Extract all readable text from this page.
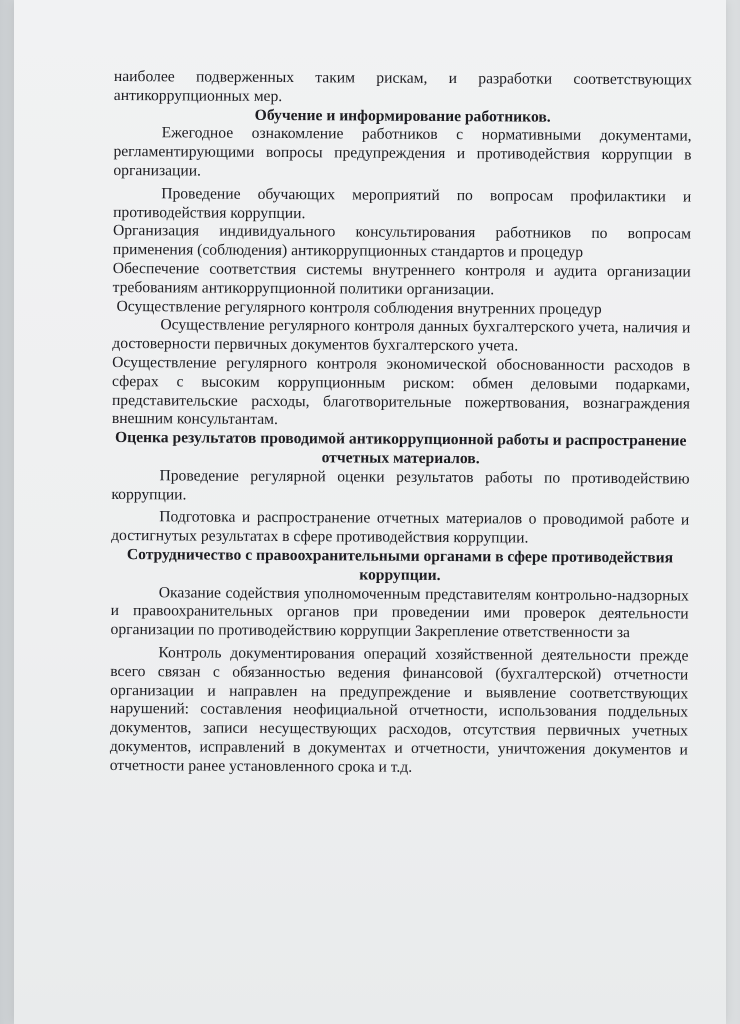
наиболее подверженных таким рискам, и разработки соответствующих антикоррупционных мер.

Обучение и информирование работников.

Ежегодное ознакомление работников с нормативными документами, регламентирующими вопросы предупреждения и противодействия коррупции в организации.

Проведение обучающих мероприятий по вопросам профилактики и противодействия коррупции.

Организация индивидуального консультирования работников по вопросам применения (соблюдения) антикоррупционных стандартов и процедур

Обеспечение соответствия системы внутреннего контроля и аудита организации требованиям антикоррупционной политики организации.

Осуществление регулярного контроля соблюдения внутренних процедур

Осуществление регулярного контроля данных бухгалтерского учета, наличия и достоверности первичных документов бухгалтерского учета.

Осуществление регулярного контроля экономической обоснованности расходов в сферах с высоким коррупционным риском: обмен деловыми подарками, представительские расходы, благотворительные пожертвования, вознаграждения внешним консультантам.

Оценка результатов проводимой антикоррупционной работы и распространение отчетных материалов.

Проведение регулярной оценки результатов работы по противодействию коррупции.

Подготовка и распространение отчетных материалов о проводимой работе и достигнутых результатах в сфере противодействия коррупции.

Сотрудничество с правоохранительными органами в сфере противодействия коррупции.

Оказание содействия уполномоченным представителям контрольно-надзорных и правоохранительных органов при проведении ими проверок деятельности организации по противодействию коррупции Закрепление ответственности за

Контроль документирования операций хозяйственной деятельности прежде всего связан с обязанностью ведения финансовой (бухгалтерской) отчетности организации и направлен на предупреждение и выявление соответствующих нарушений: составления неофициальной отчетности, использования поддельных документов, записи несуществующих расходов, отсутствия первичных учетных документов, исправлений в документах и отчетности, уничтожения документов и отчетности ранее установленного срока и т.д.
